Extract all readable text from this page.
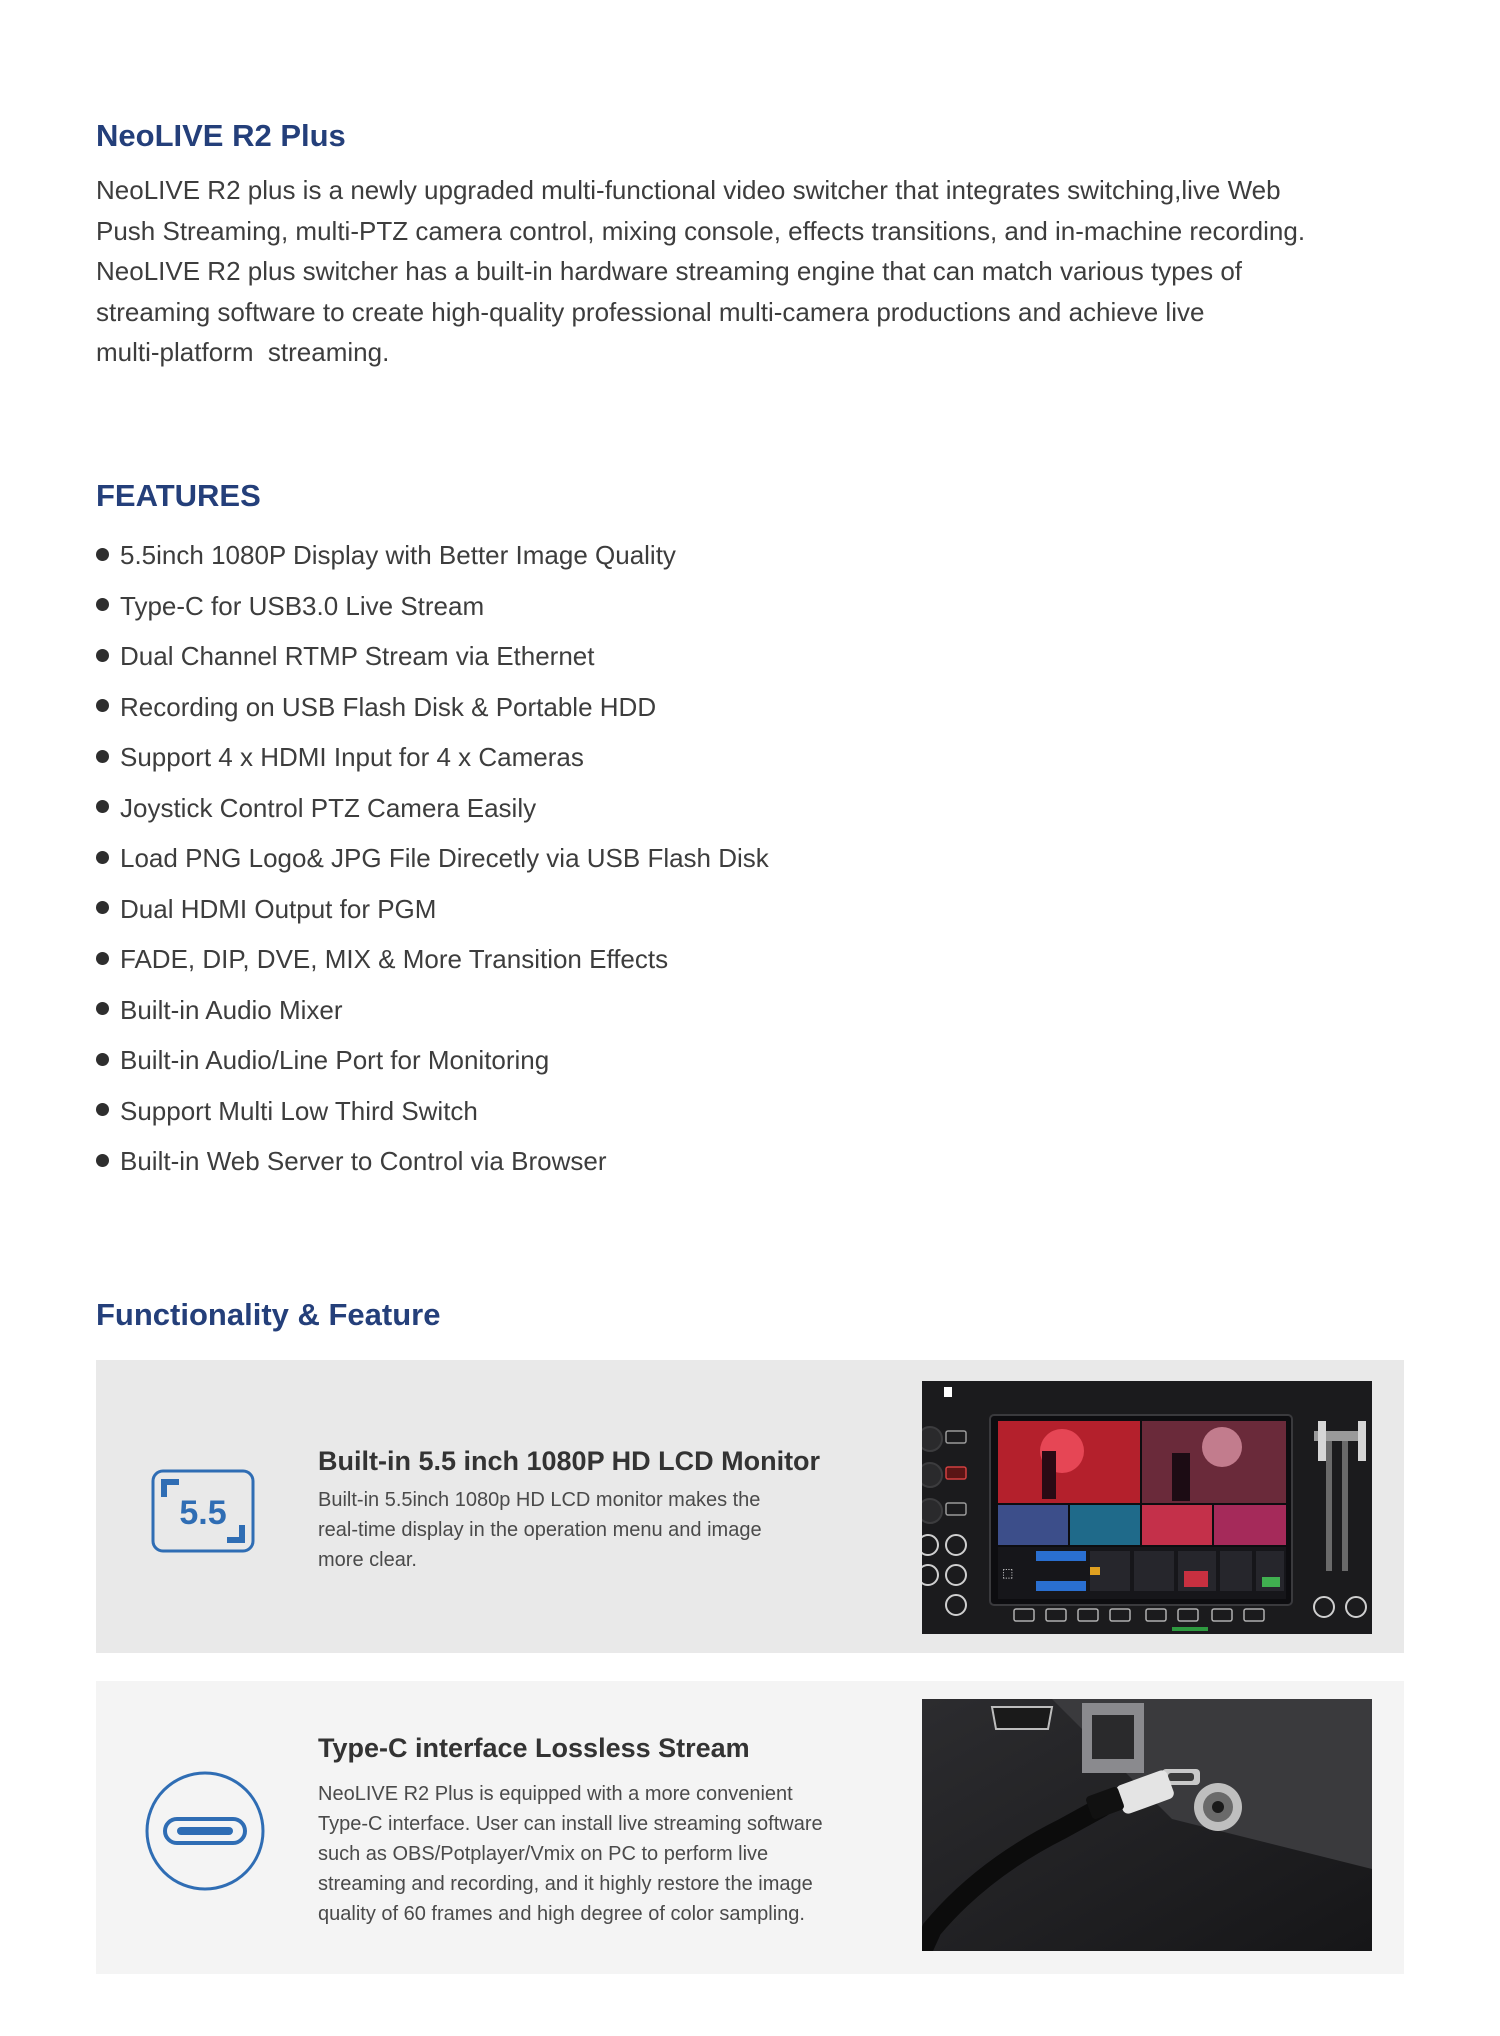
NeoLIVE R2 Plus
NeoLIVE R2 plus is a newly upgraded multi-functional video switcher that integrates switching,live Web
Push Streaming, multi-PTZ camera control, mixing console, effects transitions, and in-machine recording.
NeoLIVE R2 plus switcher has a built-in hardware streaming engine that can match various types of
streaming software to create high-quality professional multi-camera productions and achieve live
multi-platform  streaming.
FEATURES
5.5inch 1080P Display with Better Image Quality
Type-C for USB3.0 Live Stream
Dual Channel RTMP Stream via Ethernet
Recording on USB Flash Disk & Portable HDD
Support 4 x HDMI Input for 4 x Cameras
Joystick Control PTZ Camera Easily
Load PNG Logo& JPG File Direcetly via USB Flash Disk
Dual HDMI Output for PGM
FADE, DIP, DVE, MIX & More Transition Effects
Built-in Audio Mixer
Built-in Audio/Line Port for Monitoring
Support Multi Low Third Switch
Built-in Web Server to Control via Browser
Functionality & Feature
5.5
Built-in 5.5 inch 1080P HD LCD Monitor
Built-in 5.5inch 1080p HD LCD monitor makes the
real-time display in the operation menu and image
more clear.
⬚
Type-C interface Lossless Stream
NeoLIVE R2 Plus is equipped with a more convenient
Type-C interface. User can install live streaming software
such as OBS/Potplayer/Vmix on PC to perform live
streaming and recording, and it highly restore the image
quality of 60 frames and high degree of color sampling.
